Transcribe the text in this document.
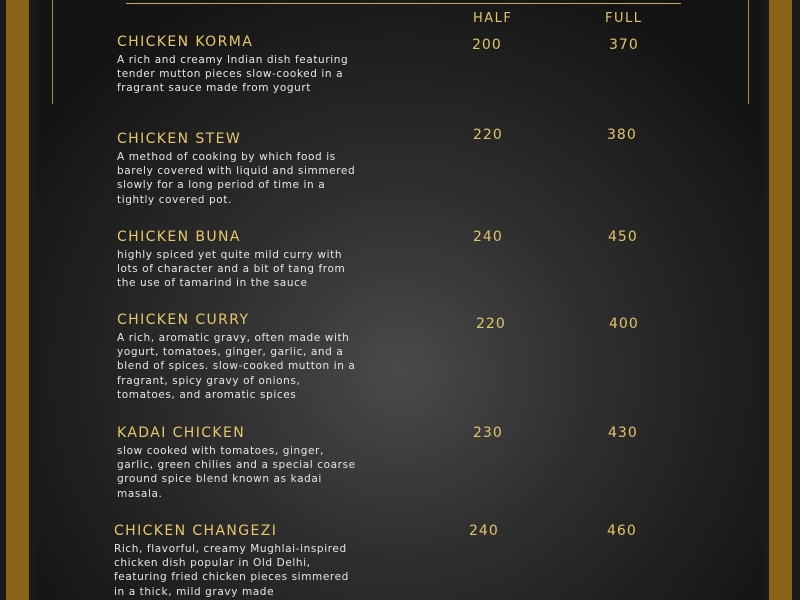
HALF	FULL
CHICKEN KORMA
A rich and creamy Indian dish featuring tender mutton pieces slow-cooked in a fragrant sauce made from yogurt
200	370
CHICKEN STEW
A method of cooking by which food is barely covered with liquid and simmered slowly for a long period of time in a tightly covered pot.
220	380
CHICKEN BUNA
highly spiced yet quite mild curry with lots of character and a bit of tang from the use of tamarind in the sauce
240	450
CHICKEN CURRY
A rich, aromatic gravy, often made with yogurt, tomatoes, ginger, garlic, and a blend of spices. slow-cooked mutton in a fragrant, spicy gravy of onions, tomatoes, and aromatic spices
220	400
KADAI CHICKEN
slow cooked with tomatoes, ginger, garlic, green chilies and a special coarse ground spice blend known as kadai masala.
230	430
CHICKEN CHANGEZI
Rich, flavorful, creamy Mughlai-inspired chicken dish popular in Old Delhi, featuring fried chicken pieces simmered in a thick, mild gravy made
240	460
